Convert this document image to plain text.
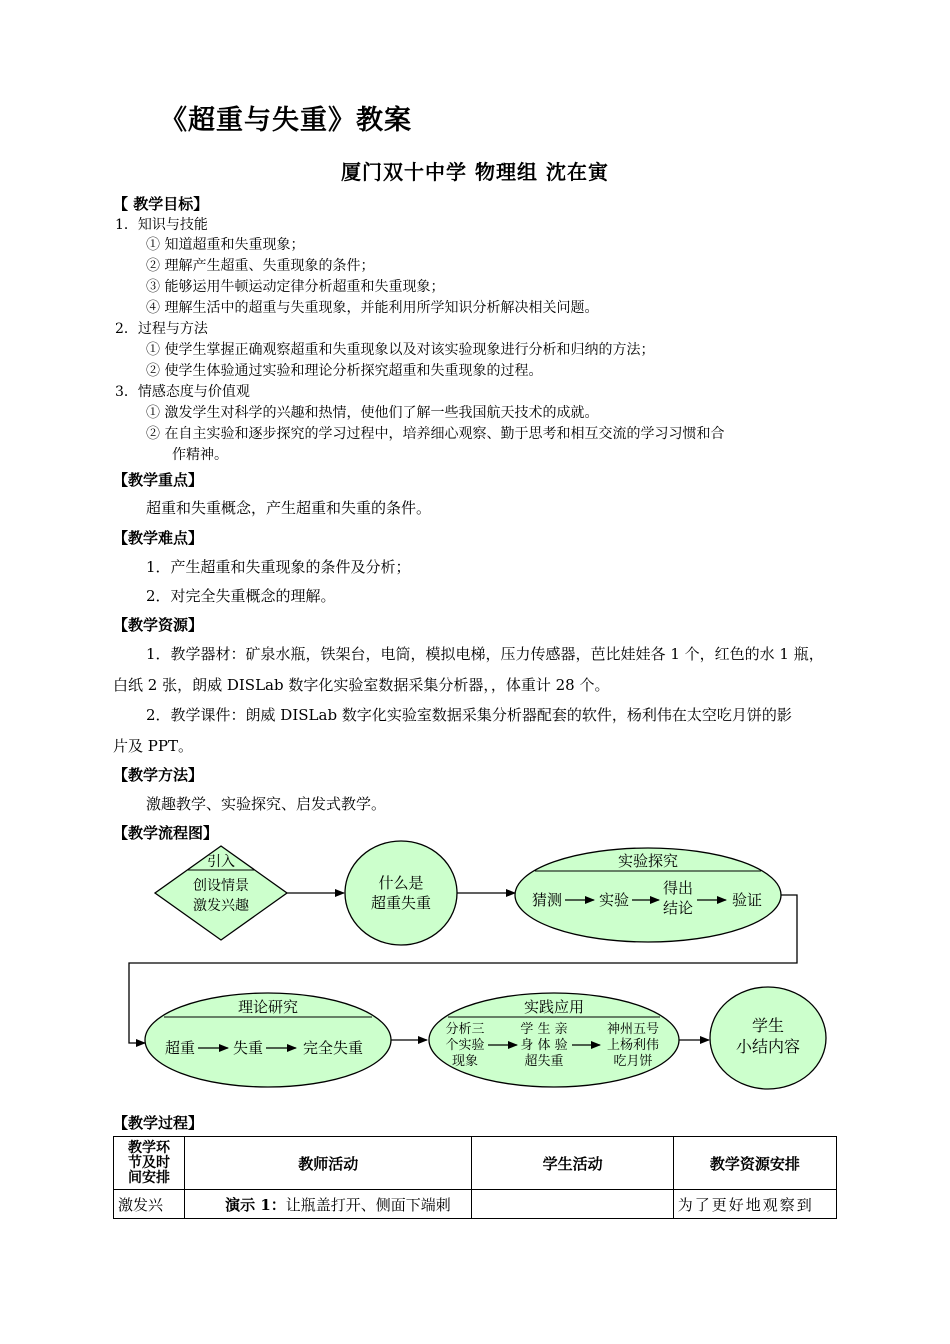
《超重与失重》教案
厦门双十中学 物理组 沈在寅
【 教学目标】
1．知识与技能
① 知道超重和失重现象；
② 理解产生超重、失重现象的条件；
③ 能够运用牛顿运动定律分析超重和失重现象；
④ 理解生活中的超重与失重现象，并能利用所学知识分析解决相关问题。
2．过程与方法
① 使学生掌握正确观察超重和失重现象以及对该实验现象进行分析和归纳的方法；
② 使学生体验通过实验和理论分析探究超重和失重现象的过程。
3．情感态度与价值观
① 激发学生对科学的兴趣和热情，使他们了解一些我国航天技术的成就。
② 在自主实验和逐步探究的学习过程中，培养细心观察、勤于思考和相互交流的学习习惯和合
作精神。
【教学重点】
超重和失重概念，产生超重和失重的条件。
【教学难点】
1．产生超重和失重现象的条件及分析；
2．对完全失重概念的理解。
【教学资源】
1．教学器材：矿泉水瓶，铁架台，电筒，模拟电梯，压力传感器，芭比娃娃各 1 个，红色的水 1 瓶，
白纸 2 张，朗威 DISLab 数字化实验室数据采集分析器，，体重计 28 个。
2．教学课件：朗威 DISLab 数字化实验室数据采集分析器配套的软件，杨利伟在太空吃月饼的影
片及 PPT。
【教学方法】
激趣教学、实验探究、启发式教学。
【教学流程图】
引入
创设情景
激发兴趣
什么是
超重失重
实验探究
猜测 实验
得出
结论	验证
理论研究
超重	失重	完全失重
实践应用
分析三
个实验
现象
学 生 亲
身 体 验
超失重
神州五号
上杨利伟
吃月饼
学生
小结内容
【教学过程】
教学环
节及时
间安排	教师活动	学生活动	教学资源安排
激发兴	演示 1：让瓶盖打开、侧面下端刺		为了更好地观察到
